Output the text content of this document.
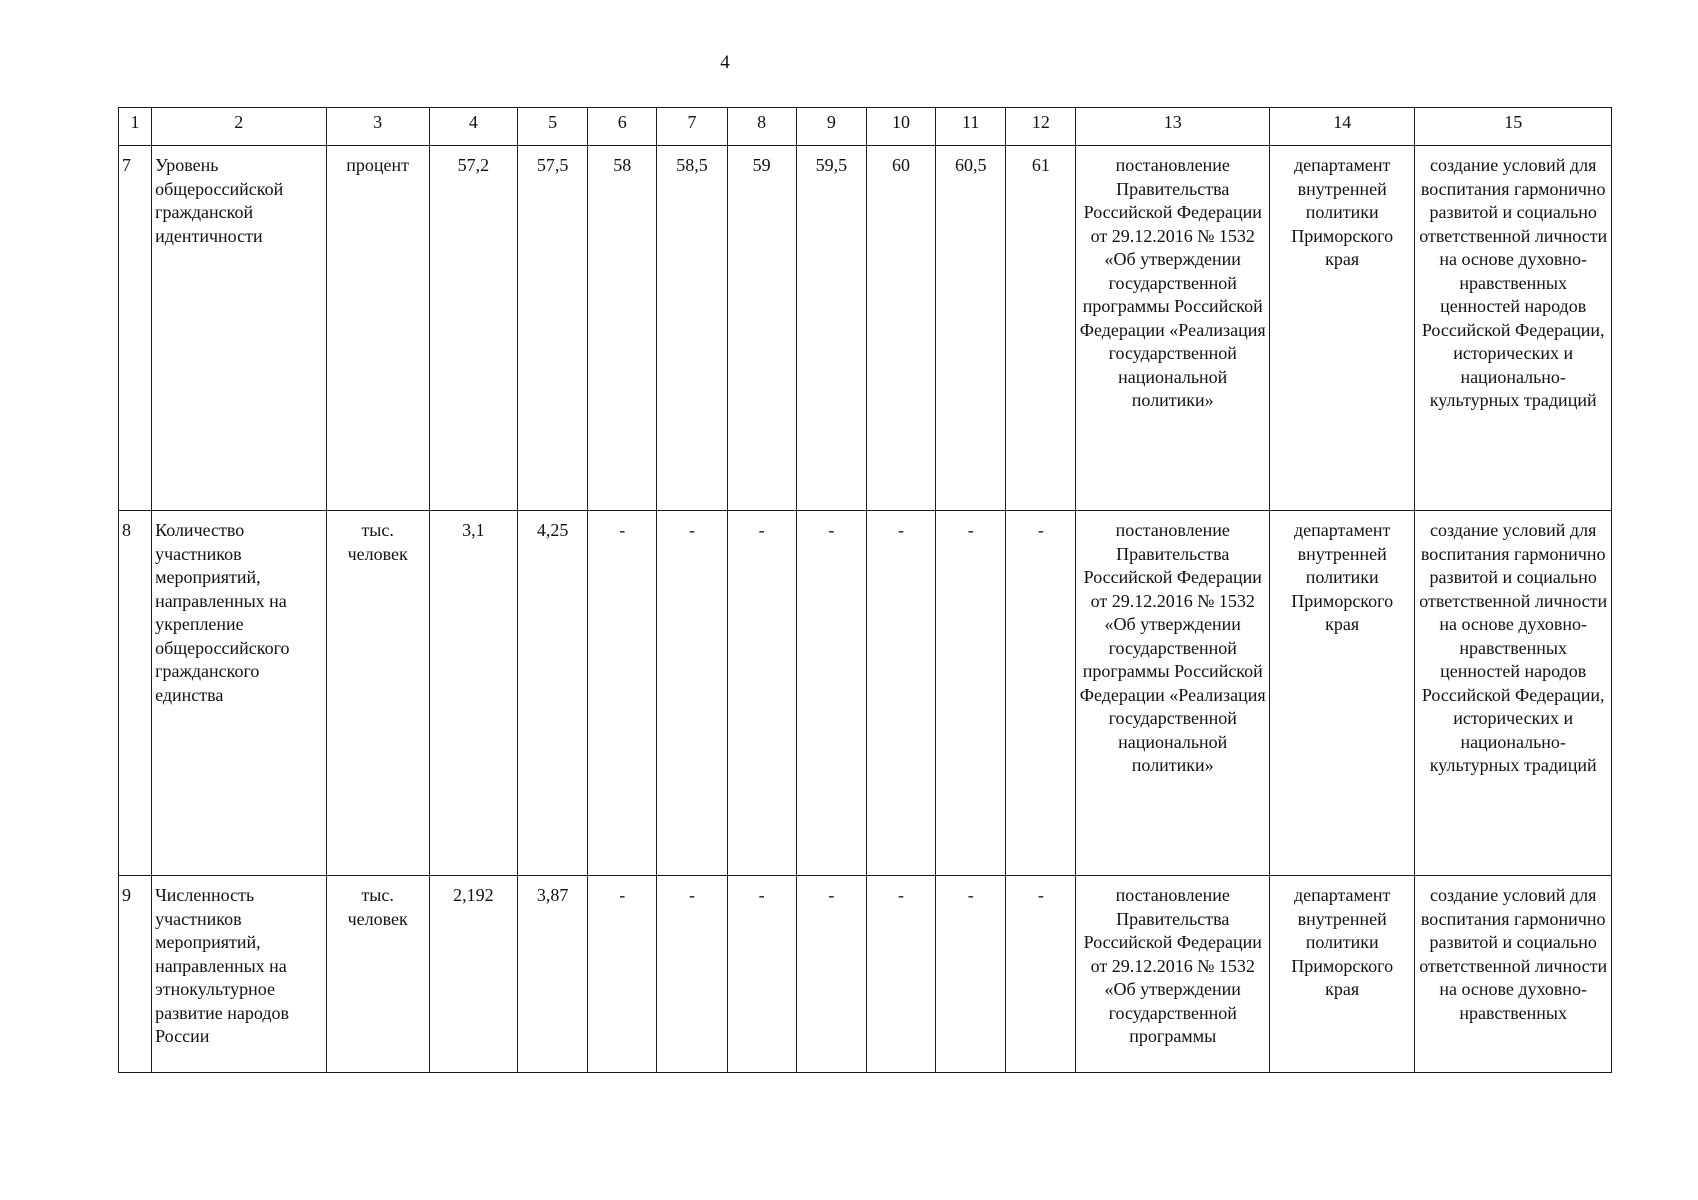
4
1	2	3	4	5	6	7	8	9	10	11	12	13	14	15
7	Уровень общероссийской гражданской идентичности	процент	57,2	57,5	58	58,5	59	59,5	60	60,5	61	постановление Правительства Российской Федерации от 29.12.2016 № 1532 «Об утверждении государственной программы Российской Федерации «Реализация государственной национальной политики»	департамент внутренней политики Приморского края	создание условий для воспитания гармонично развитой и социально ответственной личности на основе духовно-нравственных ценностей народов Российской Федерации, исторических и национально-культурных традиций
8	Количество участников мероприятий, направленных на укрепление общероссийского гражданского единства	тыс. человек	3,1	4,25	-	-	-	-	-	-	-	постановление Правительства Российской Федерации от 29.12.2016 № 1532 «Об утверждении государственной программы Российской Федерации «Реализация государственной национальной политики»	департамент внутренней политики Приморского края	создание условий для воспитания гармонично развитой и социально ответственной личности на основе духовно-нравственных ценностей народов Российской Федерации, исторических и национально-культурных традиций
9	Численность участников мероприятий, направленных на этнокультурное развитие народов России	тыс. человек	2,192	3,87	-	-	-	-	-	-	-	постановление Правительства Российской Федерации от 29.12.2016 № 1532 «Об утверждении государственной программы	департамент внутренней политики Приморского края	создание условий для воспитания гармонично развитой и социально ответственной личности на основе духовно-нравственных
